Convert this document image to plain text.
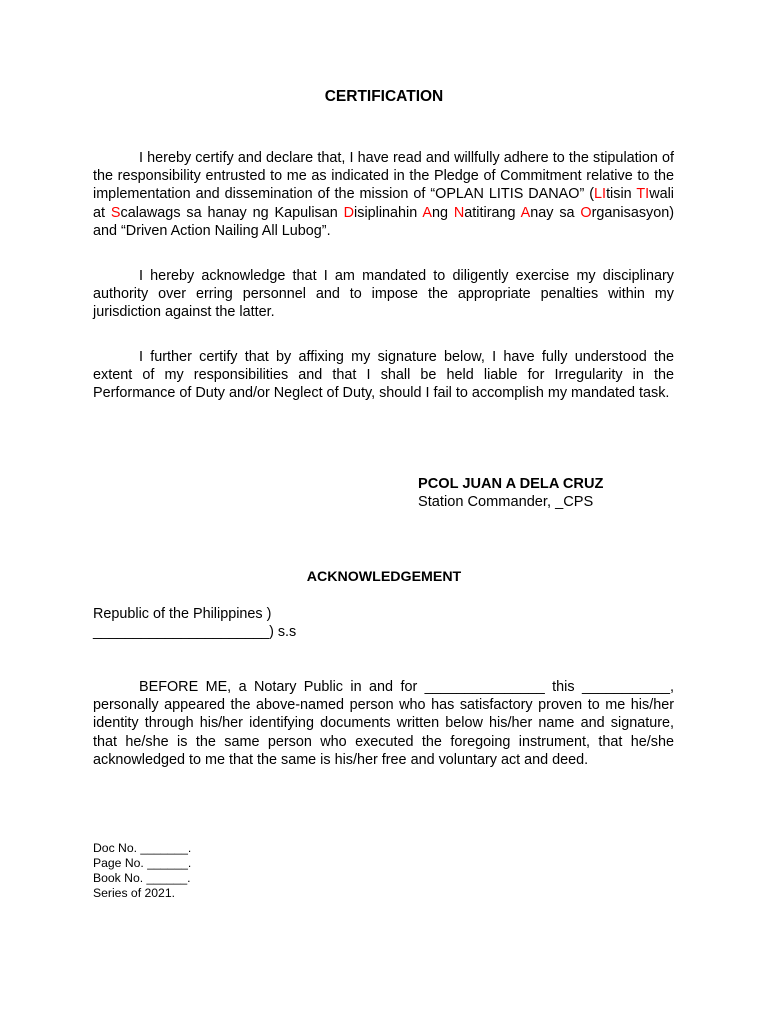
CERTIFICATION

I hereby certify and declare that, I have read and willfully adhere to the stipulation of the responsibility entrusted to me as indicated in the Pledge of Commitment relative to the implementation and dissemination of the mission of “OPLAN LITIS DANAO” (LItisin TIwali at Scalawags sa hanay ng Kapulisan Disiplinahin Ang Natitirang Anay sa Organisasyon) and “Driven Action Nailing All Lubog”.

I hereby acknowledge that I am mandated to diligently exercise my disciplinary authority over erring personnel and to impose the appropriate penalties within my jurisdiction against the latter.

I further certify that by affixing my signature below, I have fully understood the extent of my responsibilities and that I shall be held liable for Irregularity in the Performance of Duty and/or Neglect of Duty, should I fail to accomplish my mandated task.

PCOL JUAN A DELA CRUZ
Station Commander, _CPS
ACKNOWLEDGEMENT
Republic of the Philippines )
______________________) s.s

BEFORE ME, a Notary Public in and for _______________ this ___________, personally appeared the above-named person who has satisfactory proven to me his/her identity through his/her identifying documents written below his/her name and signature, that he/she is the same person who executed the foregoing instrument, that he/she acknowledged to me that the same is his/her free and voluntary act and deed.

Doc No. _______.
Page No. ______.
Book No. ______.
Series of 2021.
